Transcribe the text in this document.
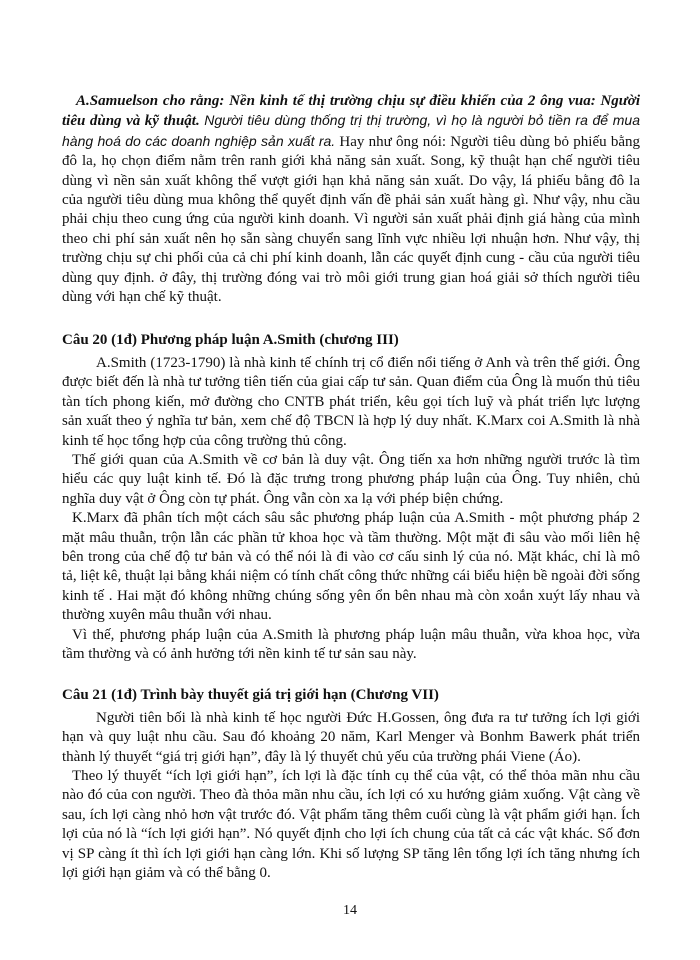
A.Samuelson cho rằng: Nền kinh tế thị trường chịu sự điều khiển của 2 ông vua: Người tiêu dùng và kỹ thuật. Người tiêu dùng thống trị thị trường, vì họ là người bỏ tiền ra để mua hàng hoá do các doanh nghiệp sản xuất ra. Hay như ông nói: Người tiêu dùng bỏ phiếu bằng đô la, họ chọn điểm nằm trên ranh giới khả năng sản xuất. Song, kỹ thuật hạn chế người tiêu dùng vì nền sản xuất không thể vượt giới hạn khả năng sản xuất. Do vậy, lá phiếu bằng đô la của người tiêu dùng mua không thể quyết định vấn đề phải sản xuất hàng gì. Như vậy, nhu cầu phải chịu theo cung ứng của người kinh doanh. Vì người sản xuất phải định giá hàng của mình theo chi phí sản xuất nên họ sẵn sàng chuyển sang lĩnh vực nhiều lợi nhuận hơn. Như vậy, thị trường chịu sự chi phối của cả chi phí kinh doanh, lẫn các quyết định cung - cầu của người tiêu dùng quy định. ở đây, thị trường đóng vai trò môi giới trung gian hoá giải sở thích người tiêu dùng với hạn chế kỹ thuật.

Câu 20 (1đ) Phương pháp luận A.Smith (chương III)

A.Smith (1723-1790) là nhà kinh tế chính trị cổ điển nổi tiếng ở Anh và trên thế giới. Ông được biết đến là nhà tư tưởng tiên tiến của giai cấp tư sản. Quan điểm của Ông là muốn thủ tiêu tàn tích phong kiến, mở đường cho CNTB phát triển, kêu gọi tích luỹ và phát triển lực lượng sản xuất theo ý nghĩa tư bản, xem chế độ TBCN là hợp lý duy nhất. K.Marx coi A.Smith là nhà kinh tế học tổng hợp của công trường thủ công.

Thế giới quan của A.Smith về cơ bản là duy vật. Ông tiến xa hơn những người trước là tìm hiểu các quy luật kinh tế. Đó là đặc trưng trong phương pháp luận của Ông. Tuy nhiên, chủ nghĩa duy vật ở Ông còn tự phát. Ông vẫn còn xa lạ với phép biện chứng.

K.Marx đã phân tích một cách sâu sắc phương pháp luận của A.Smith - một phương pháp 2 mặt mâu thuẫn, trộn lẫn các phần tử khoa học và tầm thường. Một mặt đi sâu vào mối liên hệ bên trong của chế độ tư bản và có thể nói là đi vào cơ cấu sinh lý của nó. Mặt khác, chỉ là mô tả, liệt kê, thuật lại bằng khái niệm có tính chất công thức những cái biểu hiện bề ngoài đời sống kinh tế . Hai mặt đó không những chúng sống yên ổn bên nhau mà còn xoắn xuýt lấy nhau và thường xuyên mâu thuẫn với nhau.

Vì thế, phương pháp luận của A.Smith là phương pháp luận mâu thuẫn, vừa khoa học, vừa tầm thường và có ảnh hưởng tới nền kinh tế tư sản sau này.

Câu 21 (1đ) Trình bày thuyết giá trị giới hạn (Chương VII)

Người tiên bối là nhà kinh tế học người Đức H.Gossen, ông đưa ra tư tưởng ích lợi giới hạn và quy luật nhu cầu. Sau đó khoảng 20 năm, Karl Menger và Bonhm Bawerk phát triển thành lý thuyết “giá trị giới hạn”, đây là lý thuyết chủ yếu của trường phái Viene (Áo).

Theo lý thuyết “ích lợi giới hạn”, ích lợi là đặc tính cụ thể của vật, có thể thỏa mãn nhu cầu nào đó của con người. Theo đà thỏa mãn nhu cầu, ích lợi có xu hướng giảm xuống. Vật càng về sau, ích lợi càng nhỏ hơn vật trước đó. Vật phẩm tăng thêm cuối cùng là vật phẩm giới hạn. Ích lợi của nó là “ích lợi giới hạn”. Nó quyết định cho lợi ích chung của tất cả các vật khác. Số đơn vị SP càng ít thì ích lợi giới hạn càng lớn. Khi số lượng SP tăng lên tổng lợi ích tăng nhưng ích lợi giới hạn giảm và có thể bằng 0.

14
